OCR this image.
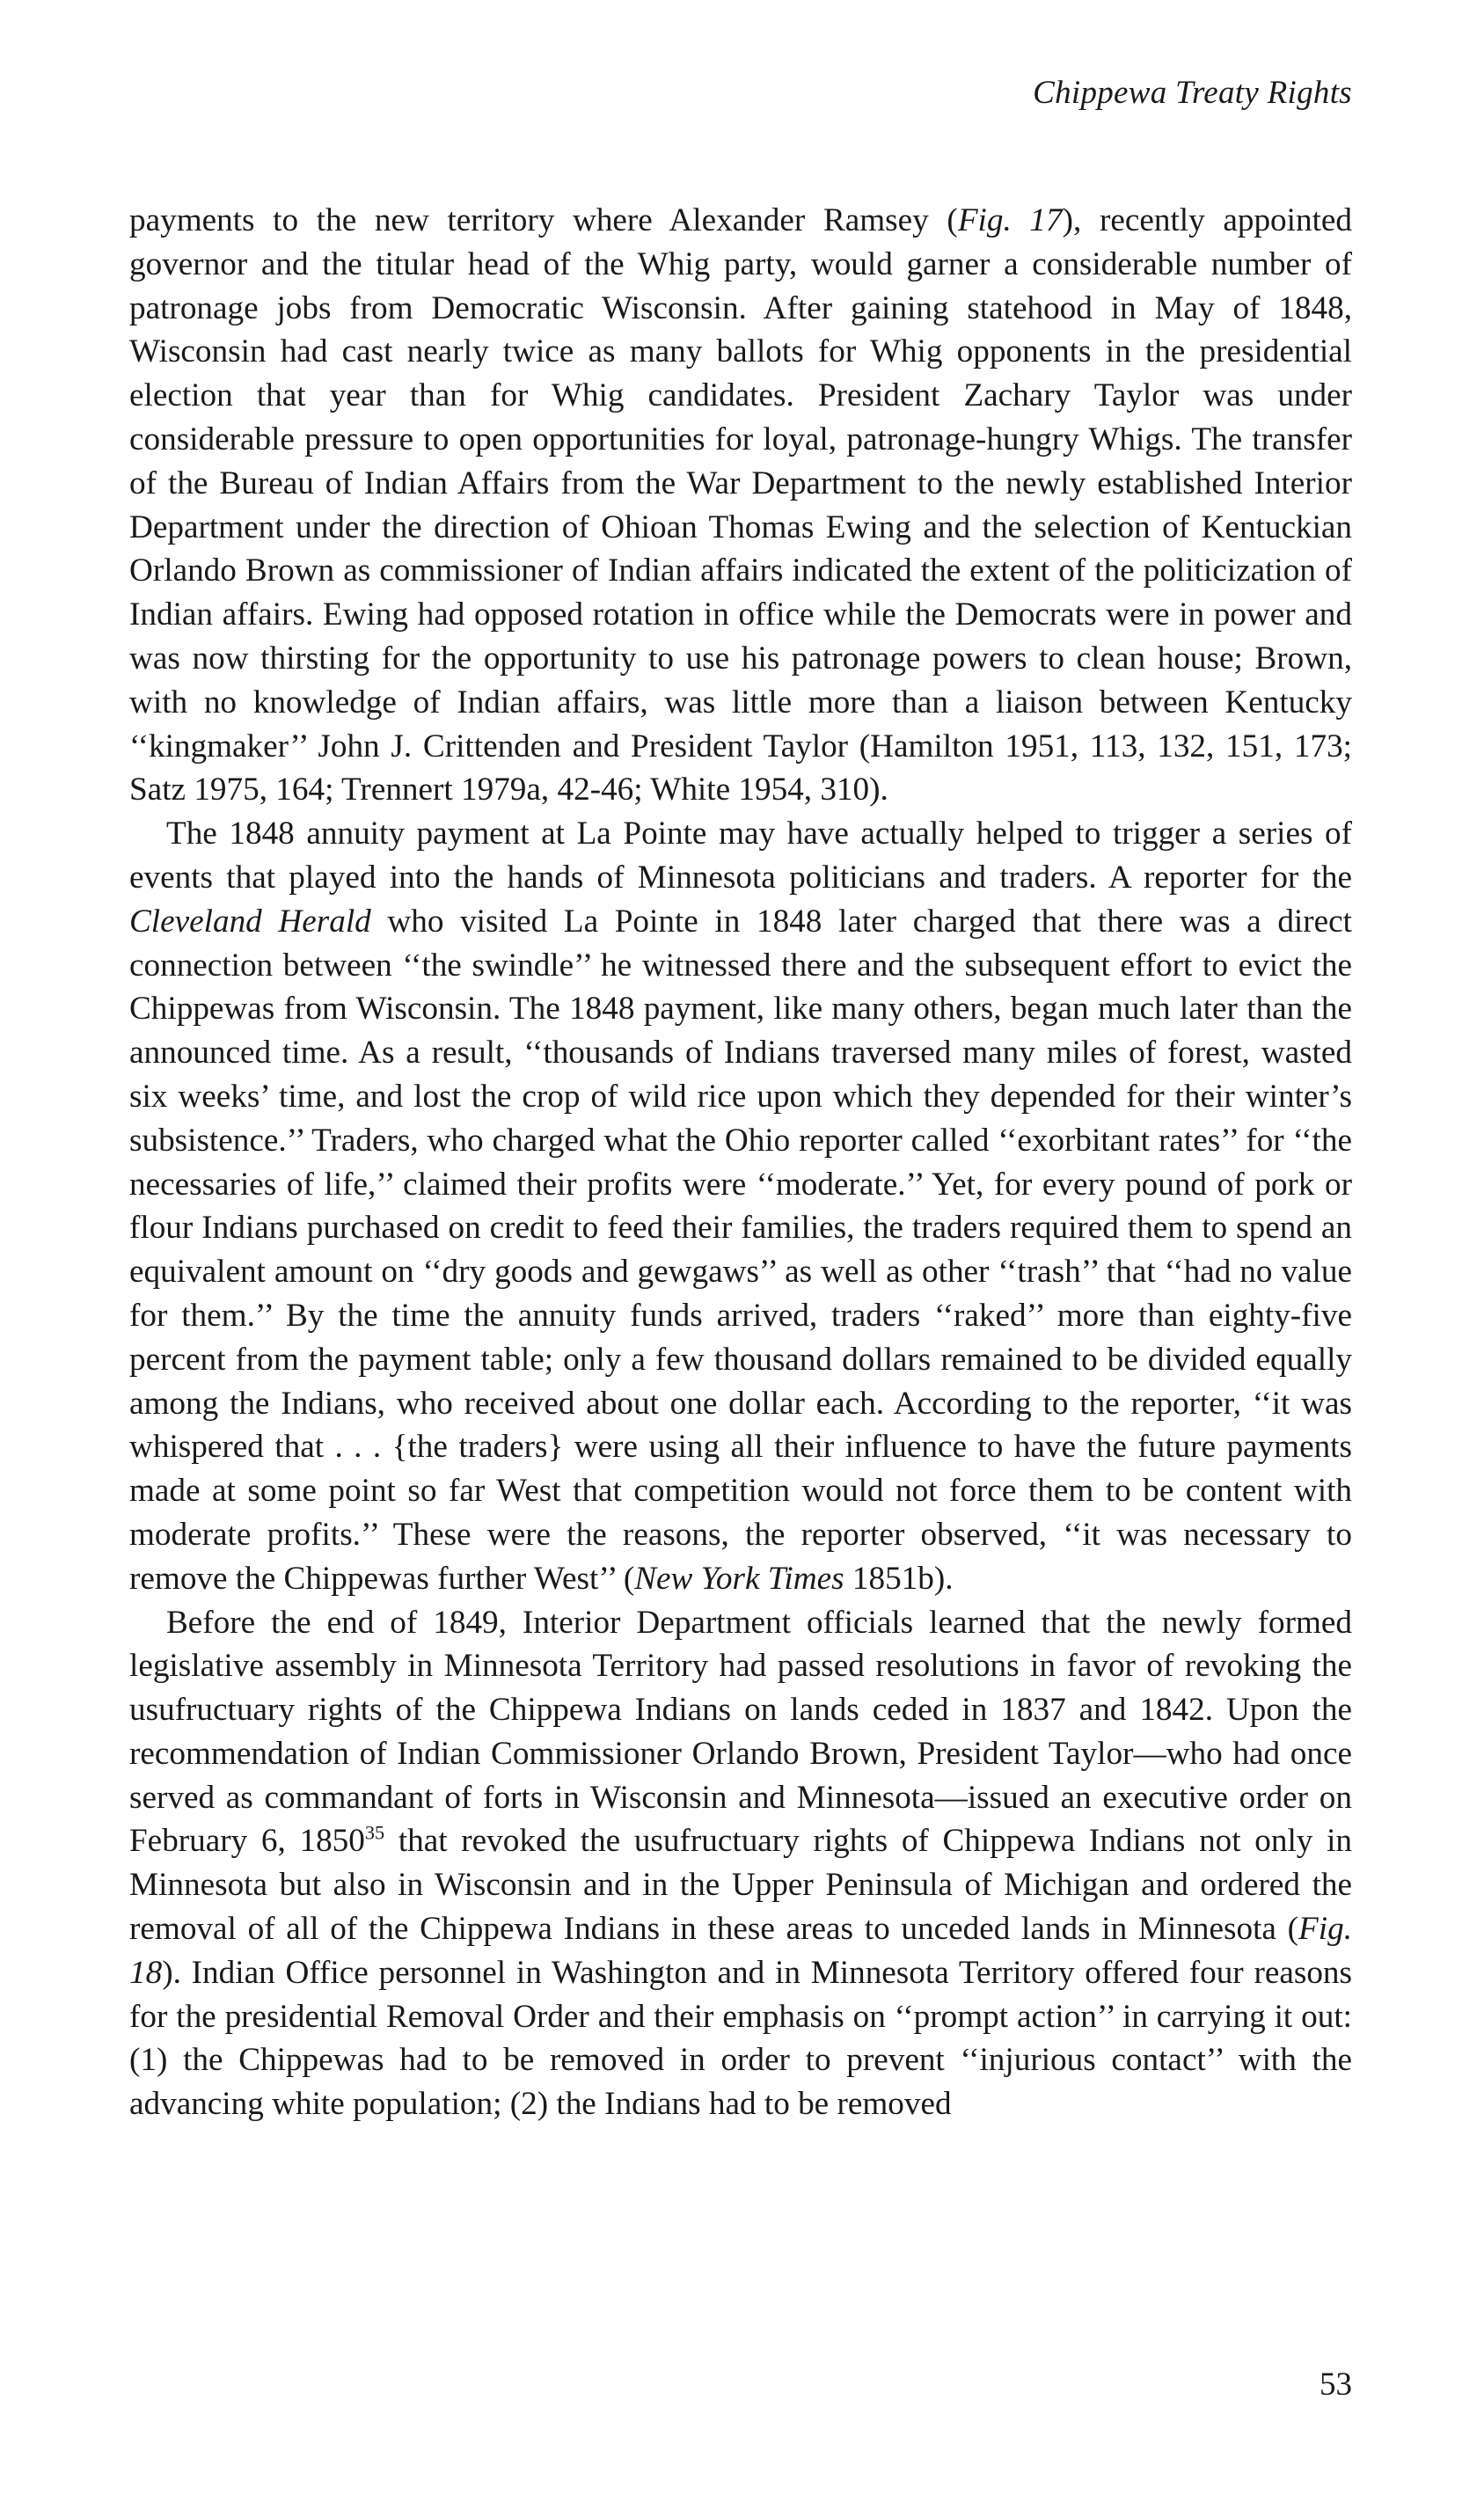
Chippewa Treaty Rights

payments to the new territory where Alexander Ramsey (Fig. 17), recently appointed governor and the titular head of the Whig party, would garner a considerable number of patronage jobs from Democratic Wisconsin. After gaining statehood in May of 1848, Wisconsin had cast nearly twice as many ballots for Whig opponents in the presidential election that year than for Whig candidates. President Zachary Taylor was under considerable pressure to open opportunities for loyal, patronage-hungry Whigs. The transfer of the Bureau of Indian Affairs from the War Department to the newly established Interior Department under the direction of Ohioan Thomas Ewing and the selection of Kentuckian Orlando Brown as commissioner of Indian affairs indicated the extent of the politicization of Indian affairs. Ewing had opposed rotation in office while the Democrats were in power and was now thirsting for the opportunity to use his patronage powers to clean house; Brown, with no knowledge of Indian affairs, was little more than a liaison between Kentucky ‘‘kingmaker’’ John J. Crittenden and President Taylor (Hamilton 1951, 113, 132, 151, 173; Satz 1975, 164; Trennert 1979a, 42-46; White 1954, 310).

The 1848 annuity payment at La Pointe may have actually helped to trigger a series of events that played into the hands of Minnesota politicians and traders. A reporter for the Cleveland Herald who visited La Pointe in 1848 later charged that there was a direct connection between ‘‘the swindle’’ he witnessed there and the subsequent effort to evict the Chippewas from Wisconsin. The 1848 payment, like many others, began much later than the announced time. As a result, ‘‘thousands of Indians traversed many miles of forest, wasted six weeks’ time, and lost the crop of wild rice upon which they depended for their winter’s subsistence.’’ Traders, who charged what the Ohio reporter called ‘‘exorbitant rates’’ for ‘‘the necessaries of life,’’ claimed their profits were ‘‘moderate.’’ Yet, for every pound of pork or flour Indians purchased on credit to feed their families, the traders required them to spend an equivalent amount on ‘‘dry goods and gewgaws’’ as well as other ‘‘trash’’ that ‘‘had no value for them.’’ By the time the annuity funds arrived, traders ‘‘raked’’ more than eighty-five percent from the payment table; only a few thousand dollars remained to be divided equally among the Indians, who received about one dollar each. According to the reporter, ‘‘it was whispered that . . . {the traders} were using all their influence to have the future payments made at some point so far West that competition would not force them to be content with moderate profits.’’ These were the reasons, the reporter observed, ‘‘it was necessary to remove the Chippewas further West’’ (New York Times 1851b).

Before the end of 1849, Interior Department officials learned that the newly formed legislative assembly in Minnesota Territory had passed resolutions in favor of revoking the usufructuary rights of the Chippewa Indians on lands ceded in 1837 and 1842. Upon the recommendation of Indian Commissioner Orlando Brown, President Taylor—who had once served as commandant of forts in Wisconsin and Minnesota—issued an executive order on February 6, 1850$^{35}$ that revoked the usufructuary rights of Chippewa Indians not only in Minnesota but also in Wisconsin and in the Upper Peninsula of Michigan and ordered the removal of all of the Chippewa Indians in these areas to unceded lands in Minnesota (Fig. 18). Indian Office personnel in Washington and in Minnesota Territory offered four reasons for the presidential Removal Order and their emphasis on ‘‘prompt action’’ in carrying it out: (1) the Chippewas had to be removed in order to prevent ‘‘injurious contact’’ with the advancing white population; (2) the Indians had to be removed

53
